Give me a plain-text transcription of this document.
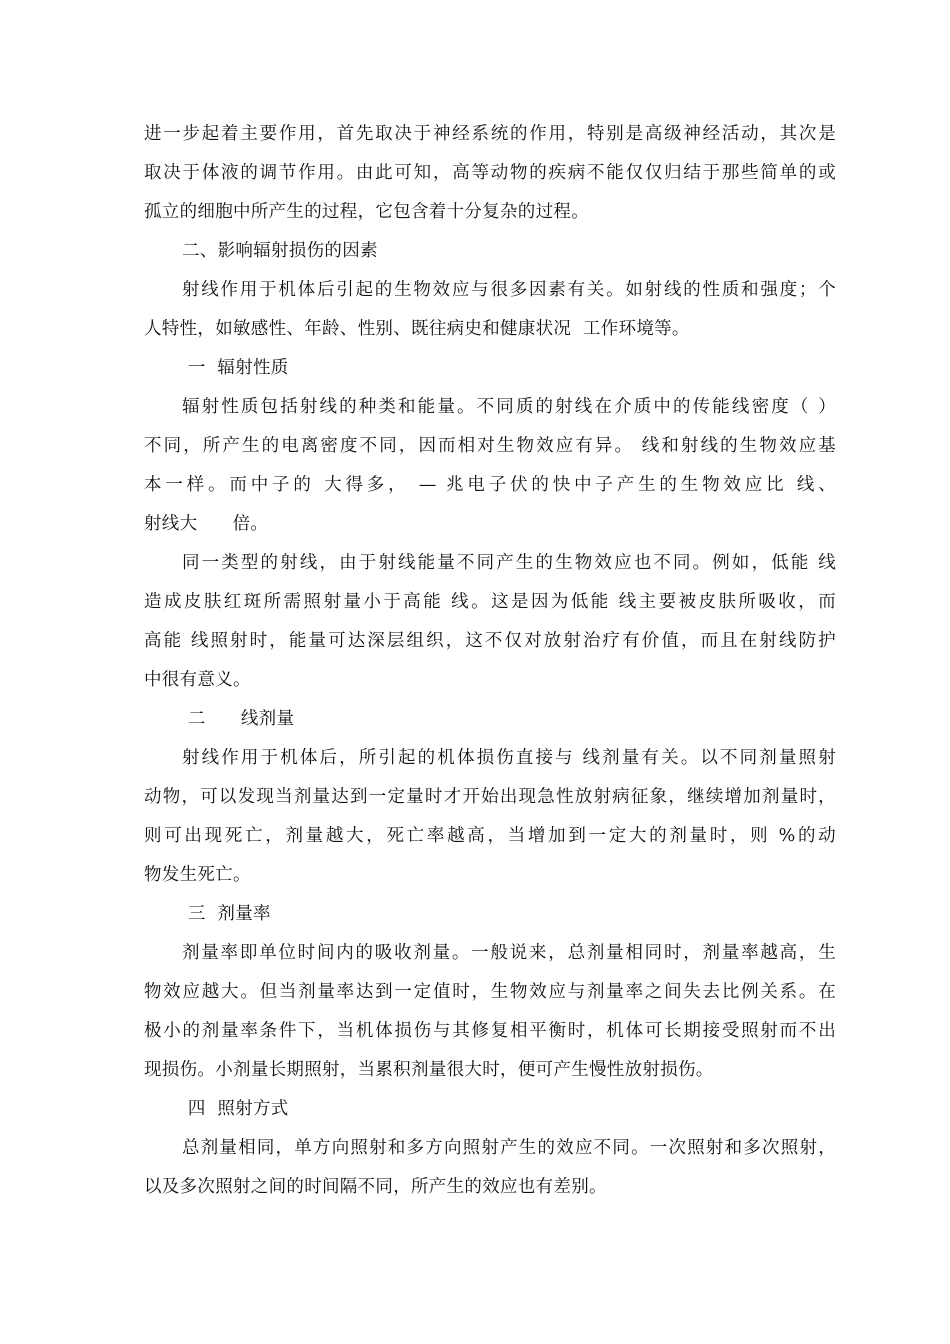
进一步起着主要作用，首先取决于神经系统的作用，特别是高级神经活动，其次是
取决于体液的调节作用。由此可知，高等动物的疾病不能仅仅归结于那些简单的或
孤立的细胞中所产生的过程，它包含着十分复杂的过程。
二、影响辐射损伤的因素
射线作用于机体后引起的生物效应与很多因素有关。如射线的性质和强度；个
人特性，如敏感性、年龄、性别、既往病史和健康状况  工作环境等。
一  辐射性质
辐射性质包括射线的种类和能量。不同质的射线在介质中的传能线密度（ ）
不同，所产生的电离密度不同，因而相对生物效应有异。 线和射线的生物效应基
本一样。而中子的 大得多， — 兆电子伏的快中子产生的生物效应比 线、
射线大      倍。
同一类型的射线，由于射线能量不同产生的生物效应也不同。例如，低能 线
造成皮肤红斑所需照射量小于高能 线。这是因为低能 线主要被皮肤所吸收，而
高能 线照射时，能量可达深层组织，这不仅对放射治疗有价值，而且在射线防护
中很有意义。
二      线剂量
射线作用于机体后，所引起的机体损伤直接与 线剂量有关。以不同剂量照射
动物，可以发现当剂量达到一定量时才开始出现急性放射病征象，继续增加剂量时，
则可出现死亡，剂量越大，死亡率越高，当增加到一定大的剂量时，则 %的动
物发生死亡。
三  剂量率
剂量率即单位时间内的吸收剂量。一般说来，总剂量相同时，剂量率越高，生
物效应越大。但当剂量率达到一定值时，生物效应与剂量率之间失去比例关系。在
极小的剂量率条件下，当机体损伤与其修复相平衡时，机体可长期接受照射而不出
现损伤。小剂量长期照射，当累积剂量很大时，便可产生慢性放射损伤。
四  照射方式
总剂量相同，单方向照射和多方向照射产生的效应不同。一次照射和多次照射，
以及多次照射之间的时间隔不同，所产生的效应也有差别。
